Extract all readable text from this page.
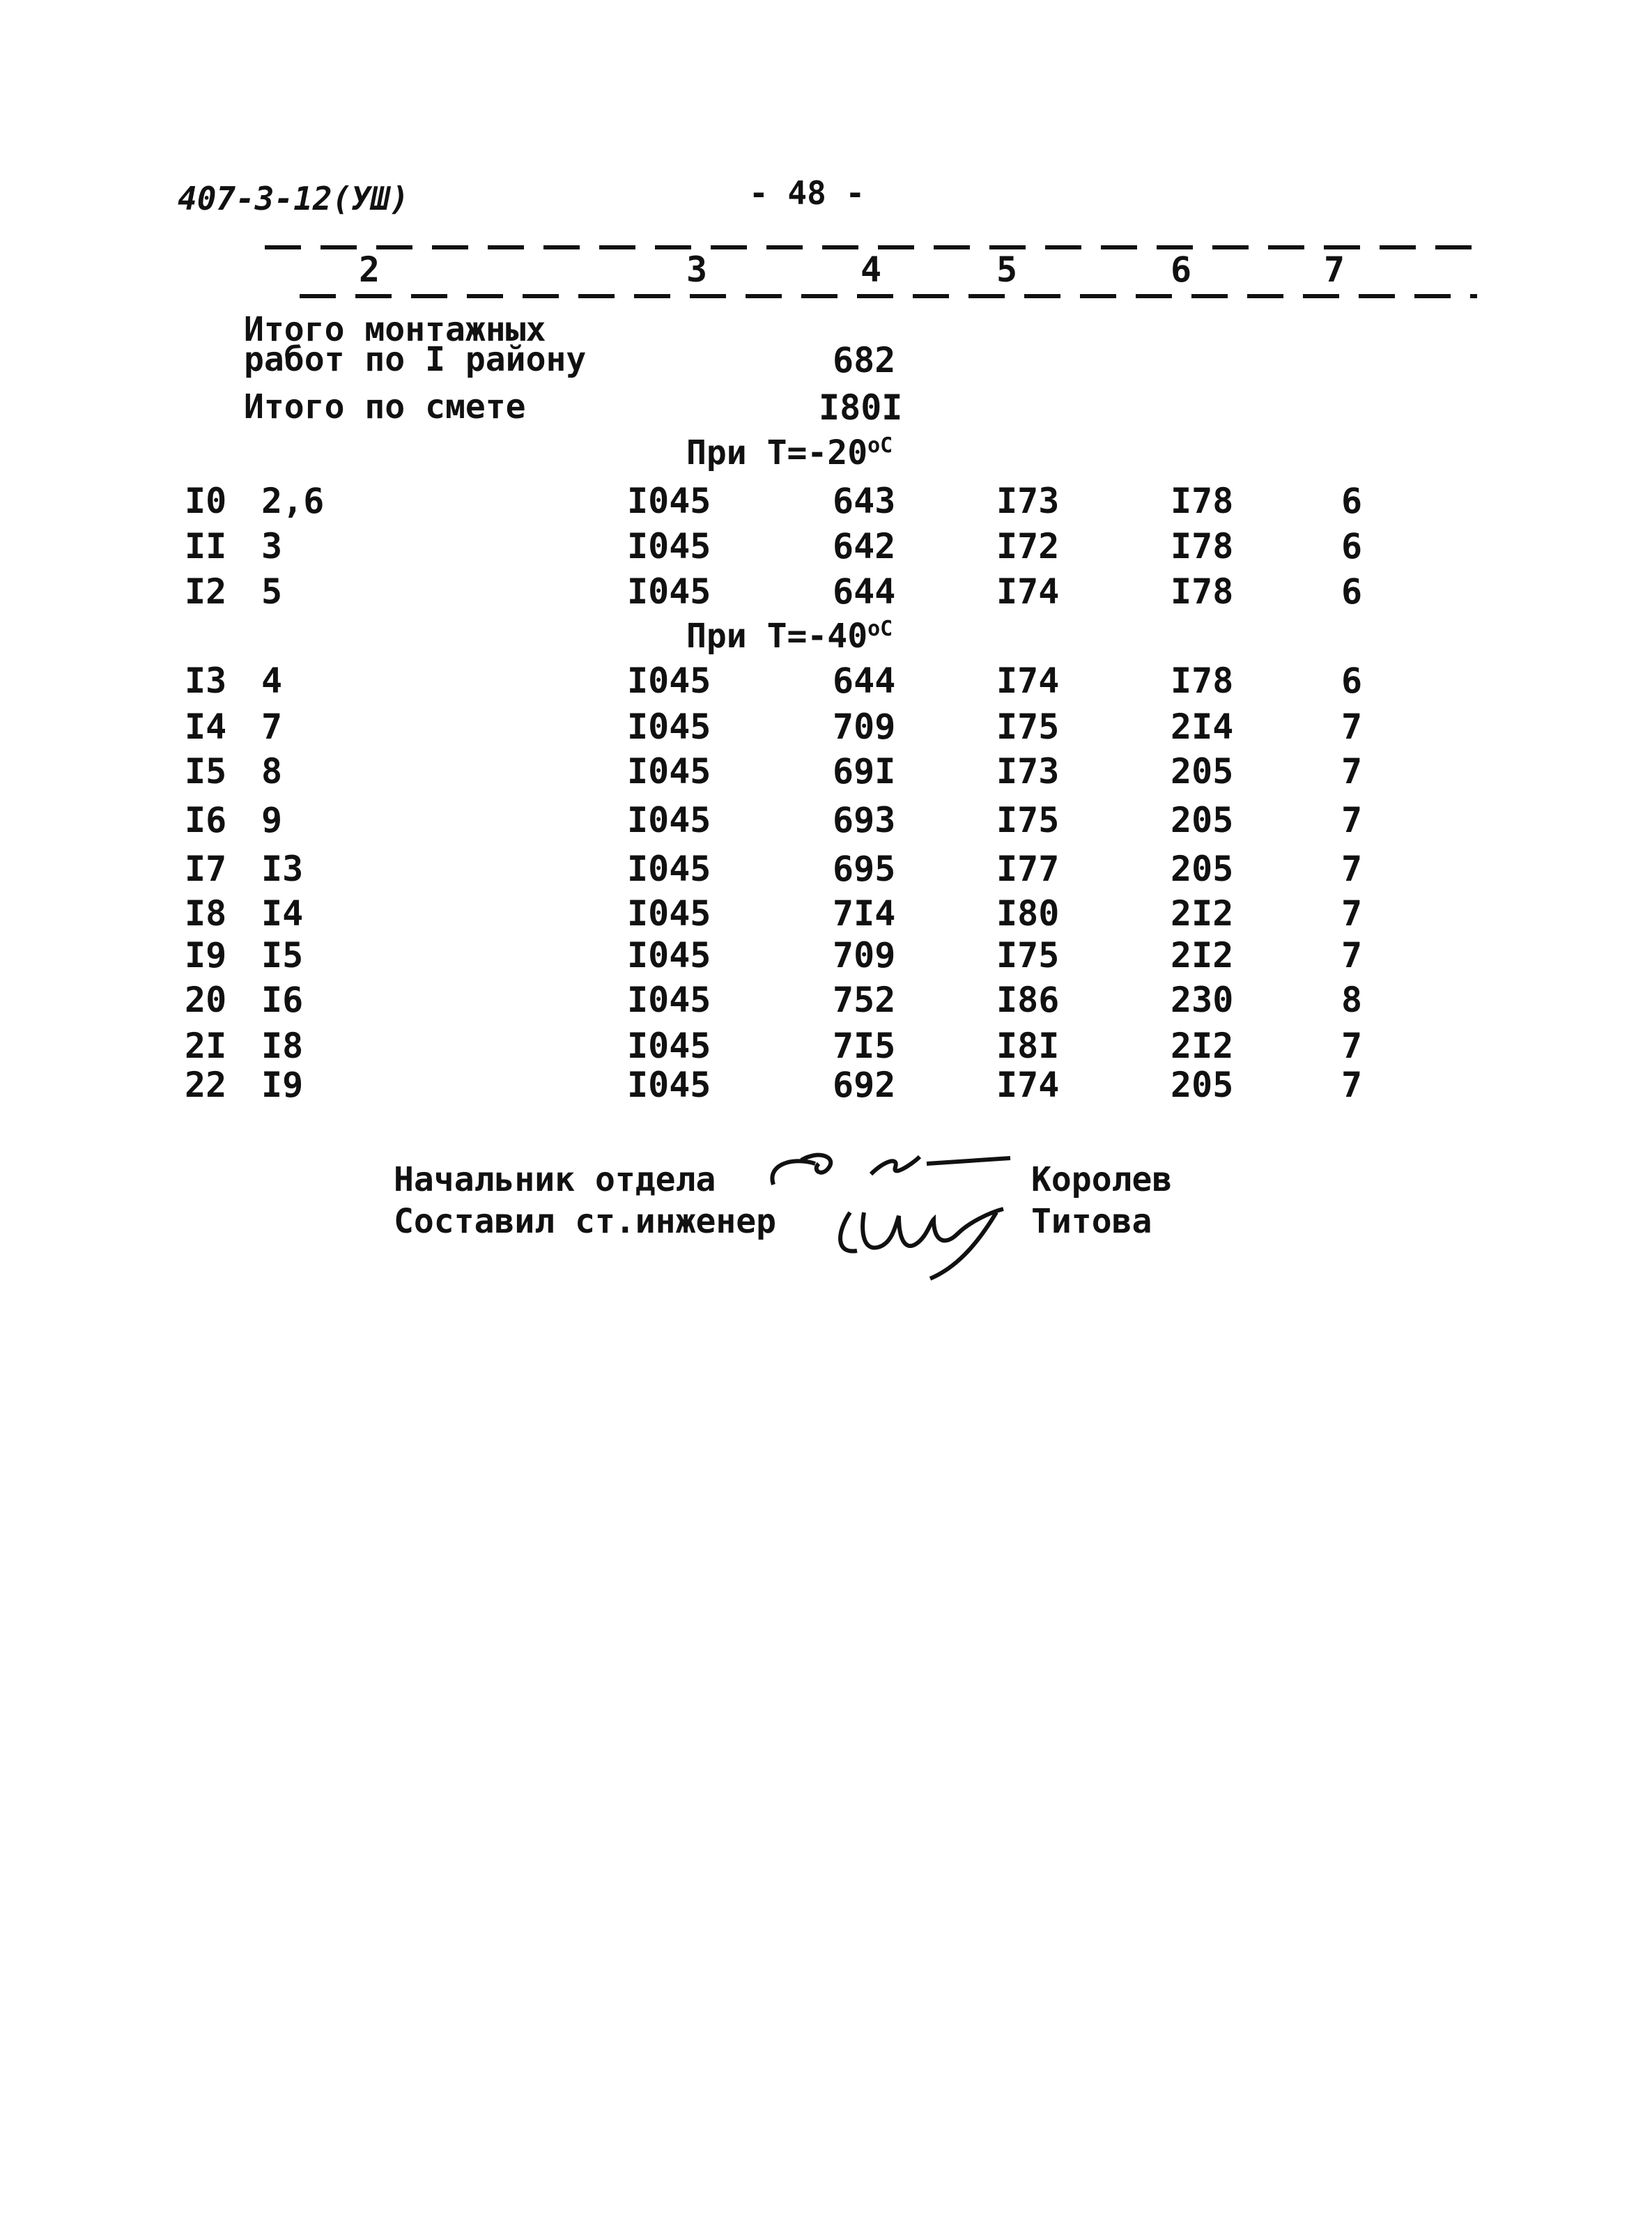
407-3-12(УШ)	- 48 -
2	3	4	5	6	7
Итого монтажных
работ по I району	682
Итого по смете	I80I
При $T=-20^{oC}$
I0 2,6	I045	643	I73	I78	6
II 3	I045	642	I72	I78	6
I2 5	I045	644	I74	I78	6
При $T=-40^{oC}$
I3 4	I045	644	I74	I78	6
I4 7	I045	709	I75	2I4	7
I5 8	I045	69I	I73	205	7
I6 9	I045	693	I75	205	7
I7 I3	I045	695	I77	205	7
I8 I4	I045	7I4	I80	2I2	7
I9 I5	I045	709	I75	2I2	7
20 I6	I045	752	I86	230	8
2I I8	I045	7I5	I8I	2I2	7
22 I9	I045	692	I74	205	7
Начальник отдела	Королев
Составил ст.инженер	Титова
